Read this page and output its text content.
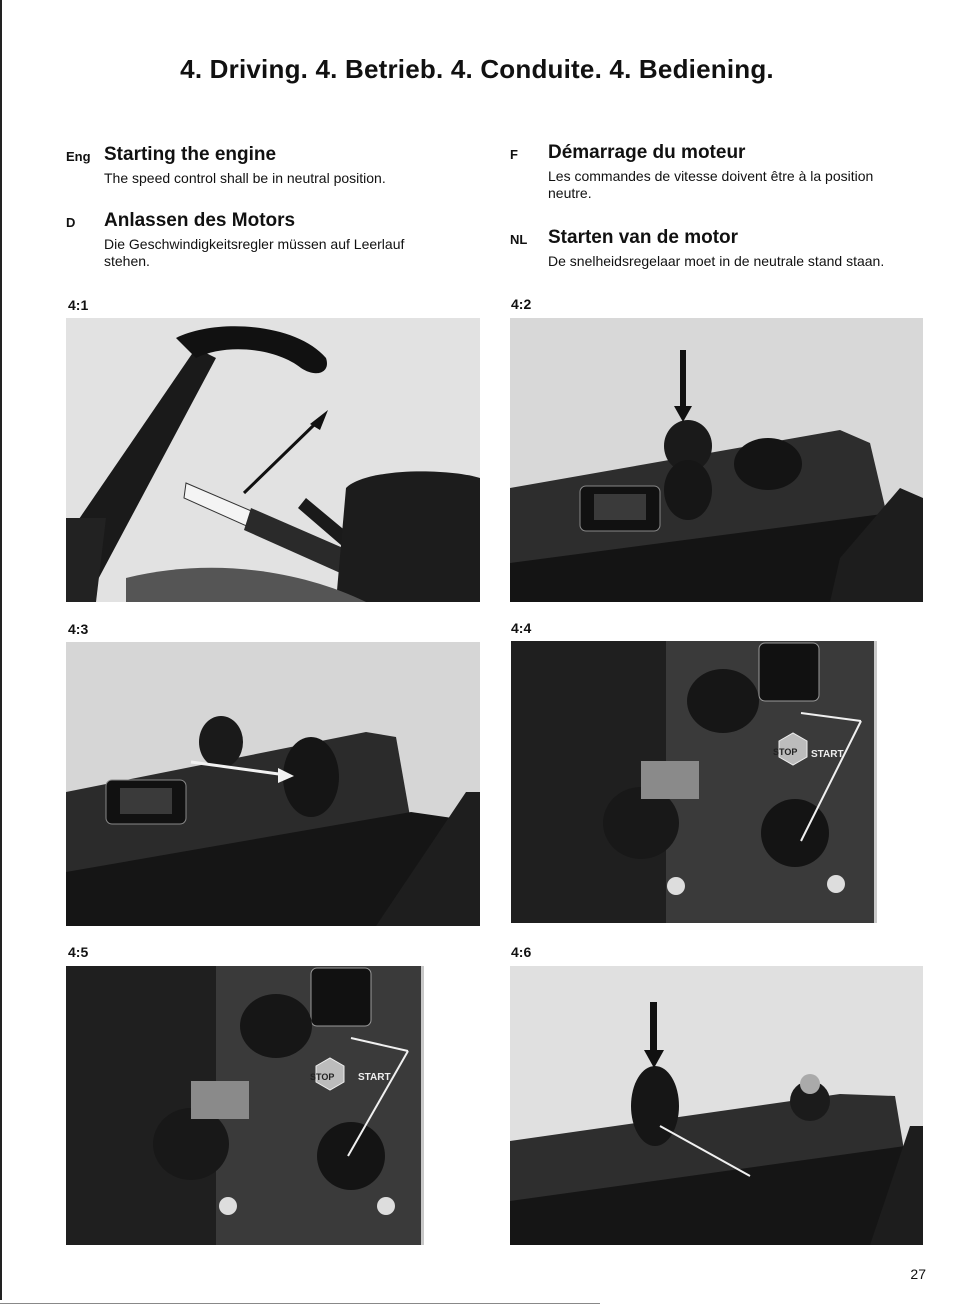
4. Driving. 4. Betrieb. 4. Conduite. 4. Bediening.
Eng Starting the engine

The speed control shall be in neutral position.

D Anlassen des Motors

Die Geschwindigkeitsregler müssen auf Leerlauf stehen.

F Démarrage du moteur

Les commandes de vitesse doivent être à la position neutre.

NL Starten van de motor

De snelheidsregelaar moet in de neutrale stand staan.

4:1	4:2
4:3	4:4
4:5	4:6
STOP START
STOP START
27
